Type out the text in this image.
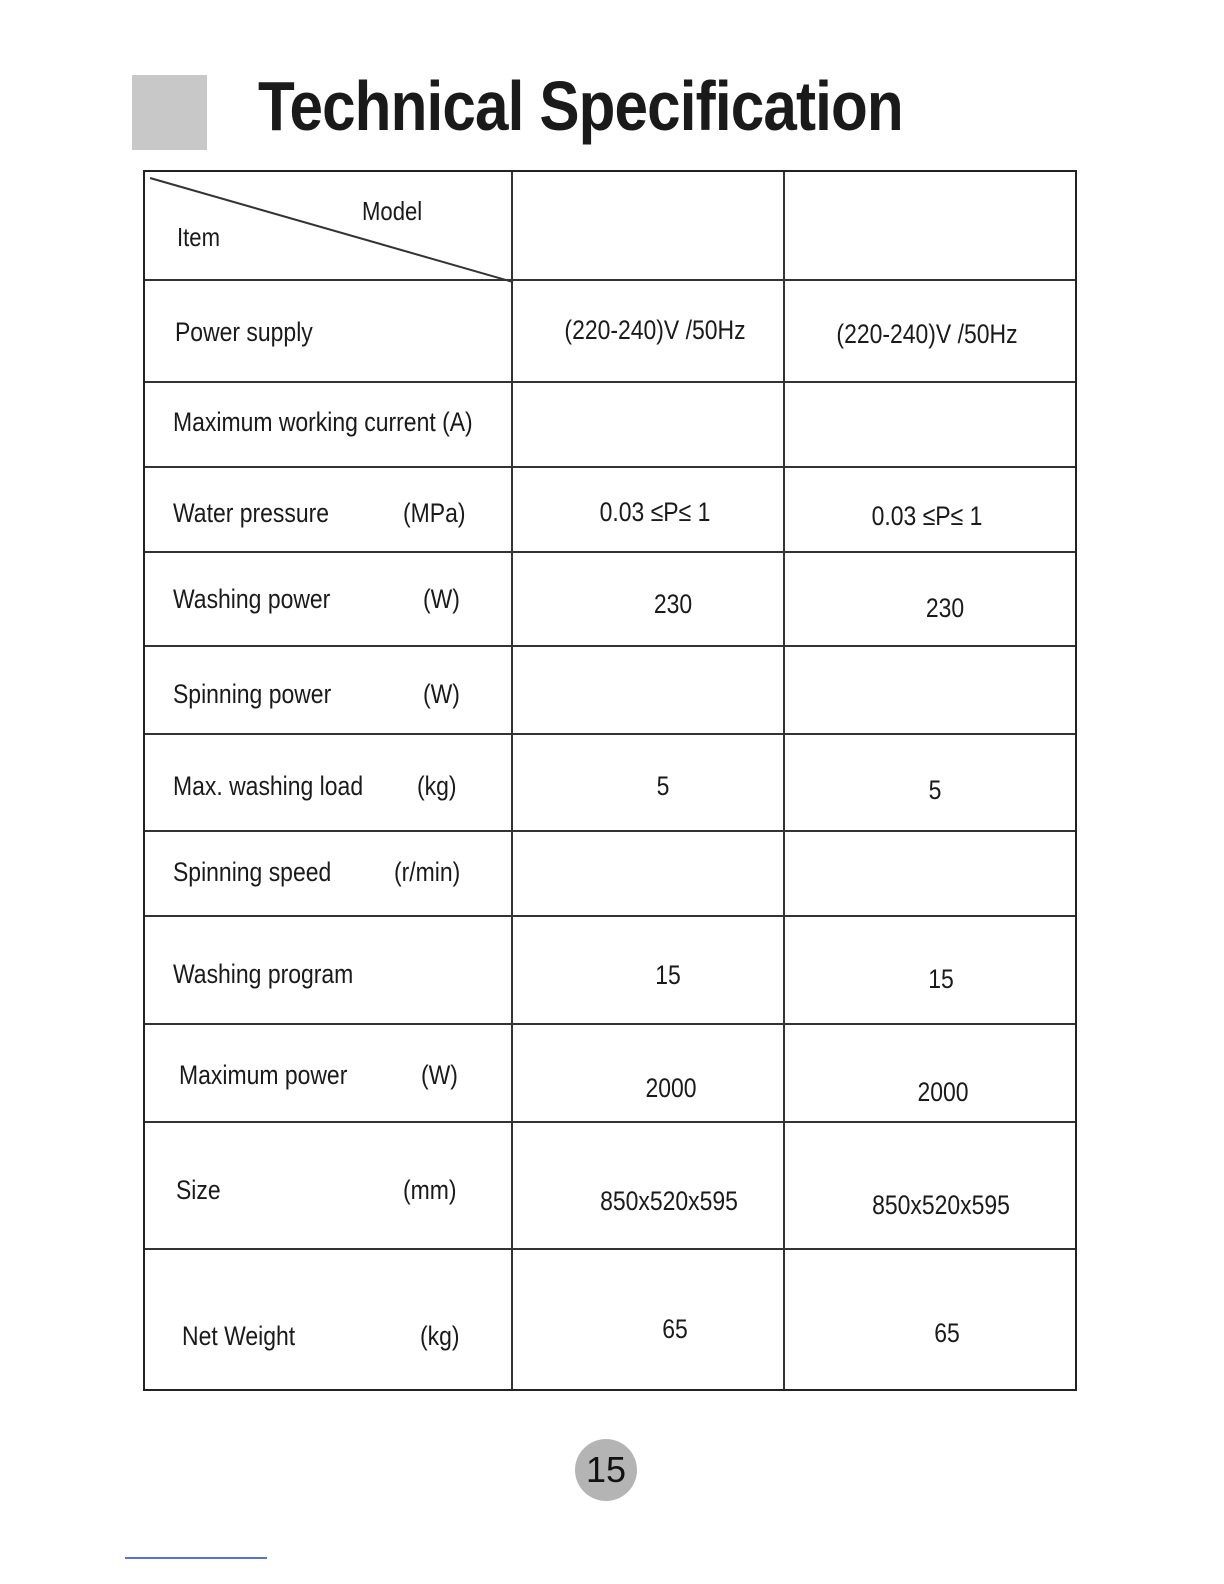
Technical Specification
Model
Item
Power supply	(220-240)V /50Hz	(220-240)V /50Hz
Maximum working current (A)
Water pressure	(MPa)	0.03 ≤P≤ 1	0.03 ≤P≤ 1
Washing power	(W)	230	230
Spinning power	(W)
Max. washing load (kg)	5	5
Spinning speed (r/min)
Washing program	15	15
Maximum power	(W)	2000	2000
Size	(mm)	850x520x595	850x520x595
Net Weight	(kg)	65	65
15
